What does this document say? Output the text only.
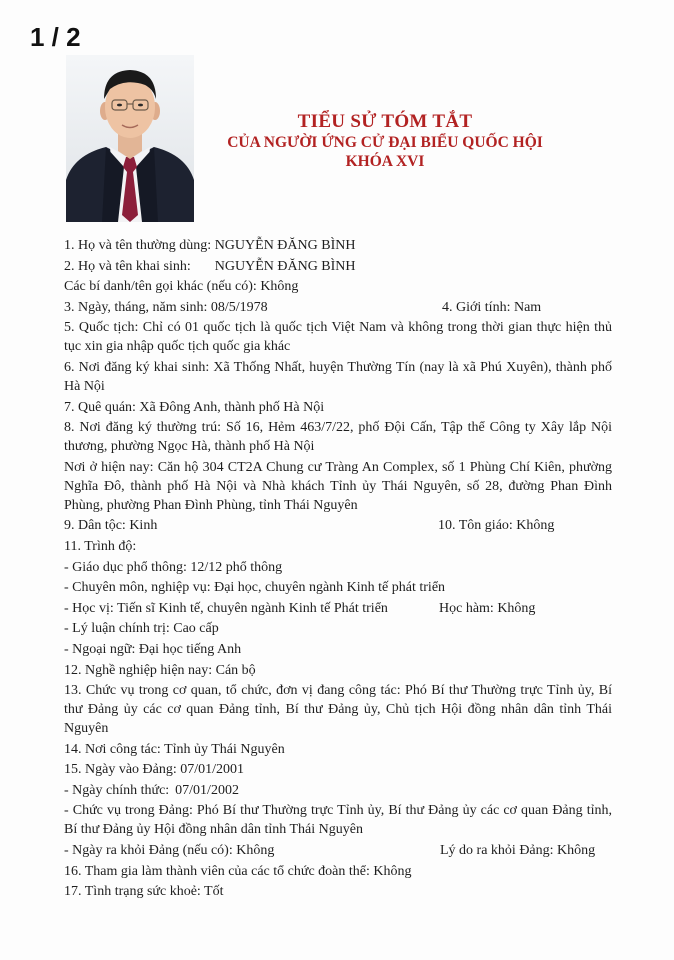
1 / 2
TIỂU SỬ TÓM TẮT
CỦA NGƯỜI ỨNG CỬ ĐẠI BIỂU QUỐC HỘI
KHÓA XVI
1. Họ và tên thường dùng: NGUYỄN ĐĂNG BÌNH
2. Họ và tên khai sinh: NGUYỄN ĐĂNG BÌNH
Các bí danh/tên gọi khác (nếu có): Không
3. Ngày, tháng, năm sinh: 08/5/1978	4. Giới tính: Nam
5. Quốc tịch: Chỉ có 01 quốc tịch là quốc tịch Việt Nam và không trong thời gian thực hiện thủ tục xin gia nhập quốc tịch quốc gia khác
6. Nơi đăng ký khai sinh: Xã Thống Nhất, huyện Thường Tín (nay là xã Phú Xuyên), thành phố Hà Nội
7. Quê quán: Xã Đông Anh, thành phố Hà Nội
8. Nơi đăng ký thường trú: Số 16, Hẻm 463/7/22, phố Đội Cấn, Tập thể Công ty Xây lắp Nội thương, phường Ngọc Hà, thành phố Hà Nội
Nơi ở hiện nay: Căn hộ 304 CT2A Chung cư Tràng An Complex, số 1 Phùng Chí Kiên, phường Nghĩa Đô, thành phố Hà Nội và Nhà khách Tỉnh ủy Thái Nguyên, số 28, đường Phan Đình Phùng, phường Phan Đình Phùng, tỉnh Thái Nguyên
9. Dân tộc: Kinh	10. Tôn giáo: Không
11. Trình độ:
- Giáo dục phổ thông: 12/12 phổ thông
- Chuyên môn, nghiệp vụ: Đại học, chuyên ngành Kinh tế phát triển
- Học vị: Tiến sĩ Kinh tế, chuyên ngành Kinh tế Phát triển	Học hàm: Không
- Lý luận chính trị: Cao cấp
- Ngoại ngữ: Đại học tiếng Anh
12. Nghề nghiệp hiện nay: Cán bộ
13. Chức vụ trong cơ quan, tổ chức, đơn vị đang công tác: Phó Bí thư Thường trực Tỉnh ủy, Bí thư Đảng ủy các cơ quan Đảng tỉnh, Bí thư Đảng ủy, Chủ tịch Hội đồng nhân dân tỉnh Thái Nguyên
14. Nơi công tác: Tỉnh ủy Thái Nguyên
15. Ngày vào Đảng: 07/01/2001
- Ngày chính thức: 07/01/2002
- Chức vụ trong Đảng: Phó Bí thư Thường trực Tỉnh ủy, Bí thư Đảng ủy các cơ quan Đảng tỉnh, Bí thư Đảng ủy Hội đồng nhân dân tỉnh Thái Nguyên
- Ngày ra khỏi Đảng (nếu có): Không	Lý do ra khỏi Đảng: Không
16. Tham gia làm thành viên của các tổ chức đoàn thể: Không
17. Tình trạng sức khoẻ: Tốt
